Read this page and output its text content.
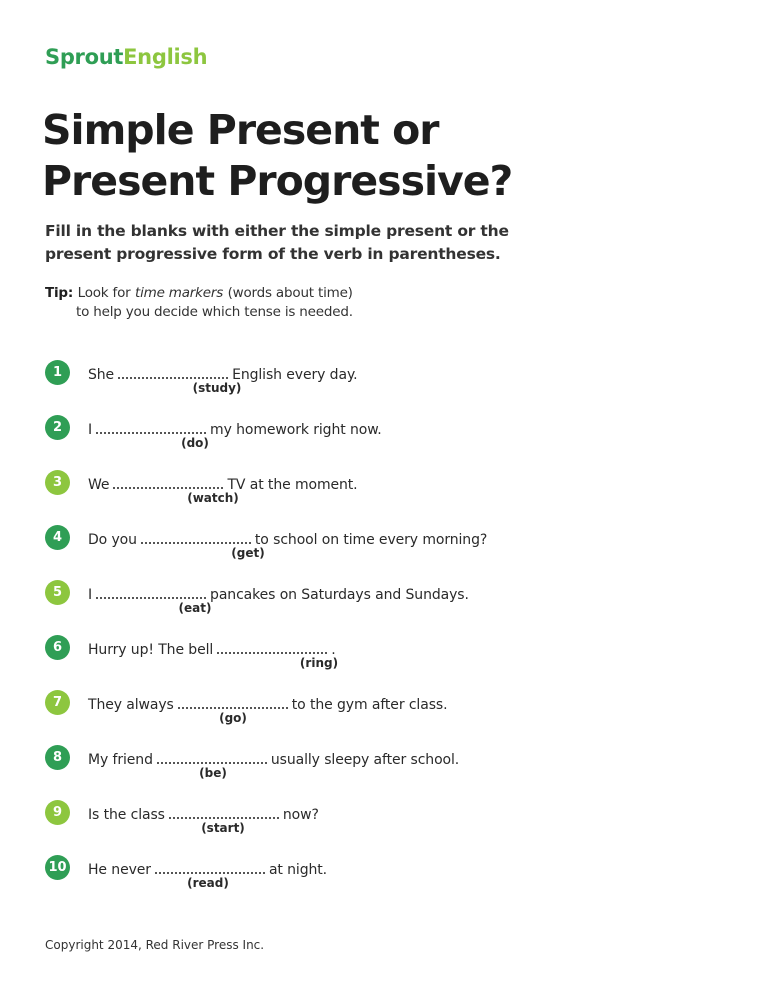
SproutEnglish
Simple Present or
Present Progressive?
Fill in the blanks with either the simple present or the present progressive form of the verb in parentheses.
Tip: Look for time markers (words about time)
to help you decide which tense is needed.
1	She	English every day.
(study)
2	I	my homework right now.
(do)
3	We	TV at the moment.
(watch)
4	Do you	to school on time every morning?
(get)
5	I	pancakes on Saturdays and Sundays.
(eat)
6	Hurry up! The bell	.
(ring)
7	They always	to the gym after class.
(go)
8	My friend	usually sleepy after school.
(be)
9	Is the class	now?
(start)
10 He never	at night.
(read)
Copyright 2014, Red River Press Inc.
